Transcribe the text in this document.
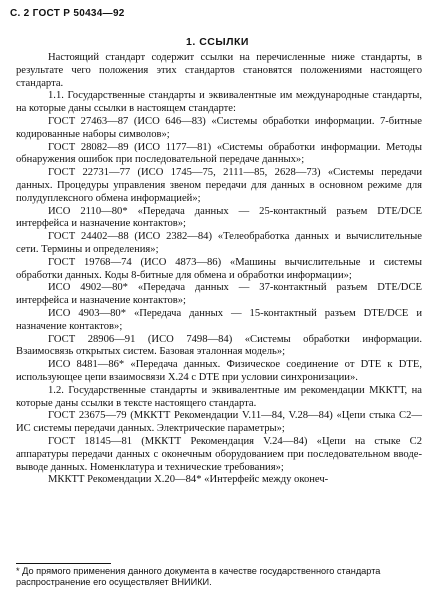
С. 2 ГОСТ Р 50434—92
1. ССЫЛКИ

Настоящий стандарт содержит ссылки на перечисленные ниже стандарты, в результате чего положения этих стандартов становятся положениями настоящего стандарта.

1.1. Государственные стандарты и эквивалентные им международные стандарты, на которые даны ссылки в настоящем стандарте:

ГОСТ 27463—87 (ИСО 646—83) «Системы обработки информации. 7-битные кодированные наборы символов»;

ГОСТ 28082—89 (ИСО 1177—81) «Системы обработки информации. Методы обнаружения ошибок при последовательной передаче данных»;

ГОСТ 22731—77 (ИСО 1745—75, 2111—85, 2628—73) «Системы передачи данных. Процедуры управления звеном передачи для данных в основном режиме для полудуплексного обмена информацией»;

ИСО 2110—80* «Передача данных — 25-контактный разъем DTE/DCE интерфейса и назначение контактов»;

ГОСТ 24402—88 (ИСО 2382—84) «Телеобработка данных и вычислительные сети. Термины и определения»;

ГОСТ 19768—74 (ИСО 4873—86) «Машины вычислительные и системы обработки данных. Коды 8-битные для обмена и обработки информации»;

ИСО 4902—80* «Передача данных — 37-контактный разъем DTE/DCE интерфейса и назначение контактов»;

ИСО 4903—80* «Передача данных — 15-контактный разъем DTE/DCE и назначение контактов»;

ГОСТ 28906—91 (ИСО 7498—84) «Системы обработки информации. Взаимосвязь открытых систем. Базовая эталонная модель»;

ИСО 8481—86* «Передача данных. Физическое соединение от DTE к DTE, использующее цепи взаимосвязи X.24 с DTE при условии синхронизации».

1.2. Государственные стандарты и эквивалентные им рекомендации МККТТ, на которые даны ссылки в тексте настоящего стандарта.

ГОСТ 23675—79 (МККТТ Рекомендации V.11—84, V.28—84) «Цепи стыка С2—ИС системы передачи данных. Электрические параметры»;

ГОСТ 18145—81 (МККТТ Рекомендация V.24—84) «Цепи на стыке С2 аппаратуры передачи данных с оконечным оборудованием при последовательном вводе-выводе данных. Номенклатура и технические требования»;

МККТТ Рекомендации X.20—84* «Интерфейс между оконеч-

* До прямого применения данного документа в качестве государственного стандарта распространение его осуществляет ВНИИКИ.
